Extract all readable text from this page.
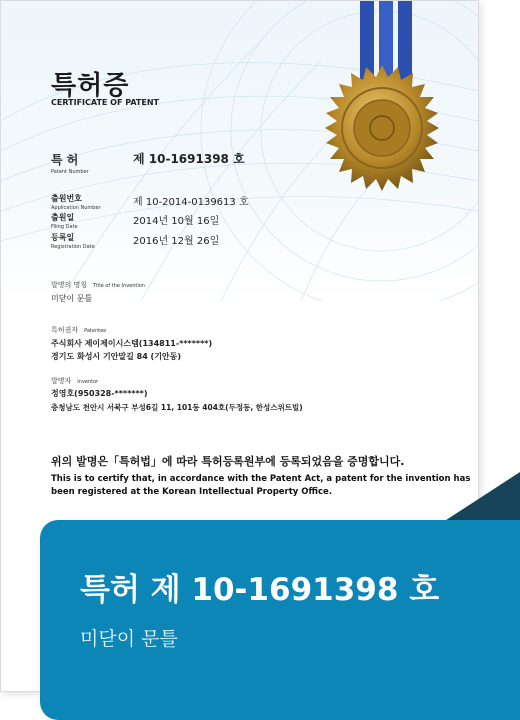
특허증
CERTIFICATE OF PATENT
특 허
Patent Number
제 10-1691398 호
출원번호
Application Number	제 10-2014-0139613 호
출원일
Filing Date	2014년 10월 16일
등록일
Registration Date	2016년 12월 26일
발명의 명칭 Title of the Invention
미닫이 문틀
특허권자 Patentee
주식회사 제이제이시스템(134811-*******)
경기도 화성시 기안말길 84 (기안동)
발명자 Inventor
정영호(950328-*******)
충청남도 천안시 서북구 부성6길 11, 101동 404호(두정동, 한성스위트빌)
위의 발명은「특허법」에 따라 특허등록원부에 등록되었음을 증명합니다.
This is to certify that, in accordance with the Patent Act, a patent for the invention has been registered at the Korean Intellectual Property Office.
특허 제 10-1691398 호
미닫이 문틀
